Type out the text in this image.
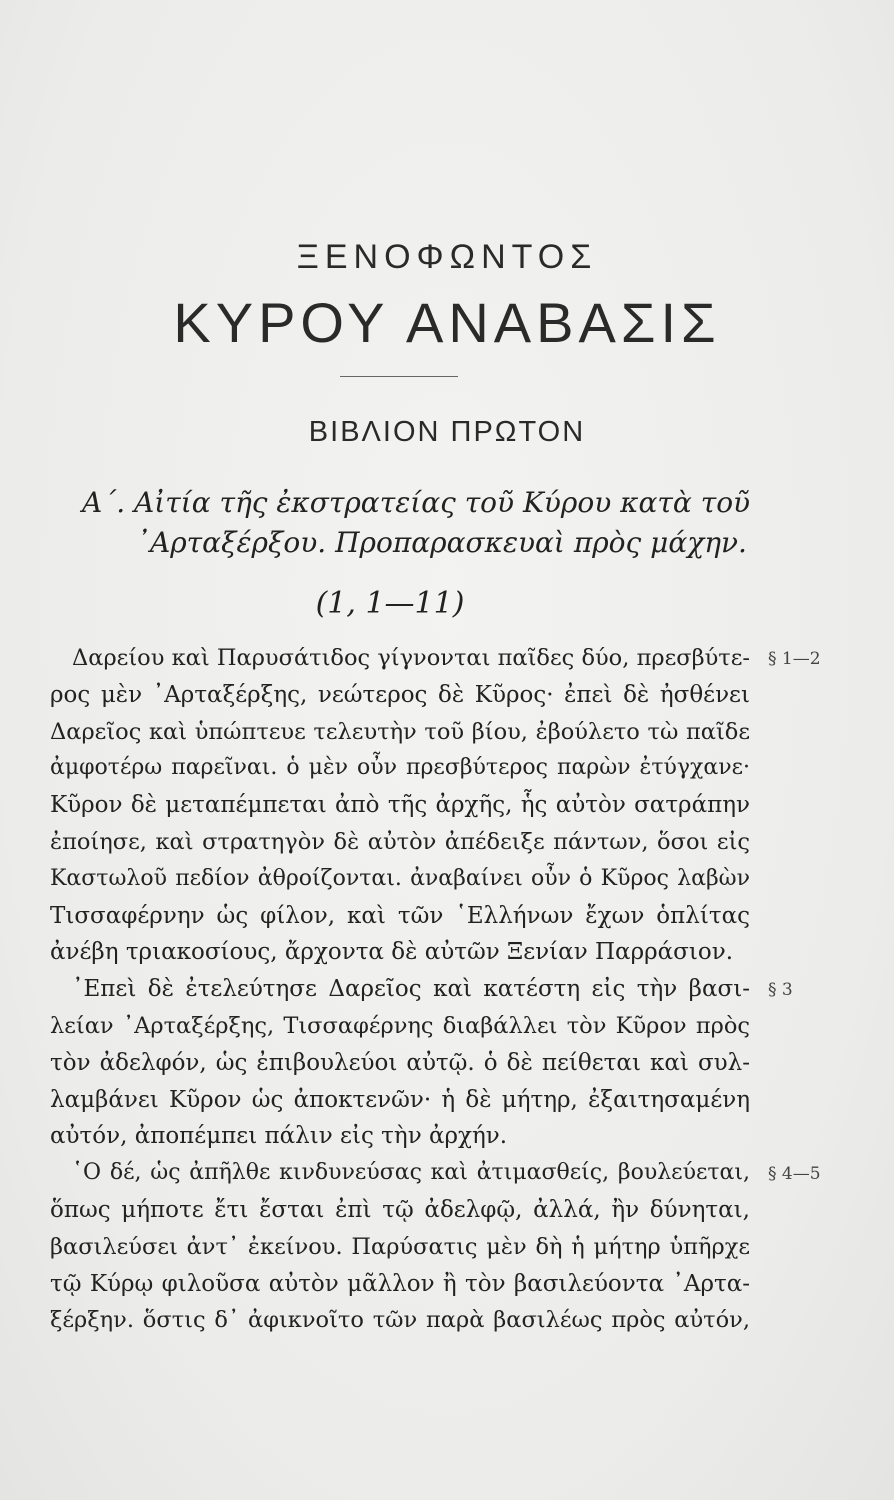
ΞΕΝΟΦΩΝΤΟΣ
ΚΥΡΟΥ ΑΝΑΒΑΣΙΣ
ΒΙΒΛΙΟΝ ΠΡΩΤΟΝ
Α΄. Αἰτία τῆς ἐκστρατείας τοῦ Κύρου κατὰ τοῦ
᾿Αρταξέρξου. Προπαρασκευαὶ πρὸς μάχην.
(1, 1—11)
Δαρείου καὶ Παρυσάτιδος γίγνονται παῖδες δύο, πρεσβύτε- § 1—2
ρος μὲν ᾿Αρταξέρξης, νεώτερος δὲ Κῦρος· ἐπεὶ δὲ ἠσθένει
Δαρεῖος καὶ ὑπώπτευε τελευτὴν τοῦ βίου, ἐβούλετο τὼ παῖδε
ἀμφοτέρω παρεῖναι. ὁ μὲν οὖν πρεσβύτερος παρὼν ἐτύγχανε·
Κῦρον δὲ μεταπέμπεται ἀπὸ τῆς ἀρχῆς, ἧς αὐτὸν σατράπην
ἐποίησε, καὶ στρατηγὸν δὲ αὐτὸν ἀπέδειξε πάντων, ὅσοι εἰς
Καστωλοῦ πεδίον ἀθροίζονται. ἀναβαίνει οὖν ὁ Κῦρος λαβὼν
Τισσαφέρνην ὡς φίλον, καὶ τῶν ῾Ελλήνων ἔχων ὁπλίτας
ἀνέβη τριακοσίους, ἄρχοντα δὲ αὐτῶν Ξενίαν Παρράσιον.
᾿Επεὶ δὲ ἐτελεύτησε Δαρεῖος καὶ κατέστη εἰς τὴν βασι- § 3
λείαν ᾿Αρταξέρξης, Τισσαφέρνης διαβάλλει τὸν Κῦρον πρὸς
τὸν ἀδελφόν, ὡς ἐπιβουλεύοι αὐτῷ. ὁ δὲ πείθεται καὶ συλ-
λαμβάνει Κῦρον ὡς ἀποκτενῶν· ἡ δὲ μήτηρ, ἐξαιτησαμένη
αὐτόν, ἀποπέμπει πάλιν εἰς τὴν ἀρχήν.
῾Ο δέ, ὡς ἀπῆλθε κινδυνεύσας καὶ ἀτιμασθείς, βουλεύεται, § 4—5
ὅπως μήποτε ἔτι ἔσται ἐπὶ τῷ ἀδελφῷ, ἀλλά, ἢν δύνηται,
βασιλεύσει ἀντ᾿ ἐκείνου. Παρύσατις μὲν δὴ ἡ μήτηρ ὑπῆρχε
τῷ Κύρῳ φιλοῦσα αὐτὸν μᾶλλον ἢ τὸν βασιλεύοντα ᾿Αρτα-
ξέρξην. ὅστις δ᾿ ἀφικνοῖτο τῶν παρὰ βασιλέως πρὸς αὐτόν,
